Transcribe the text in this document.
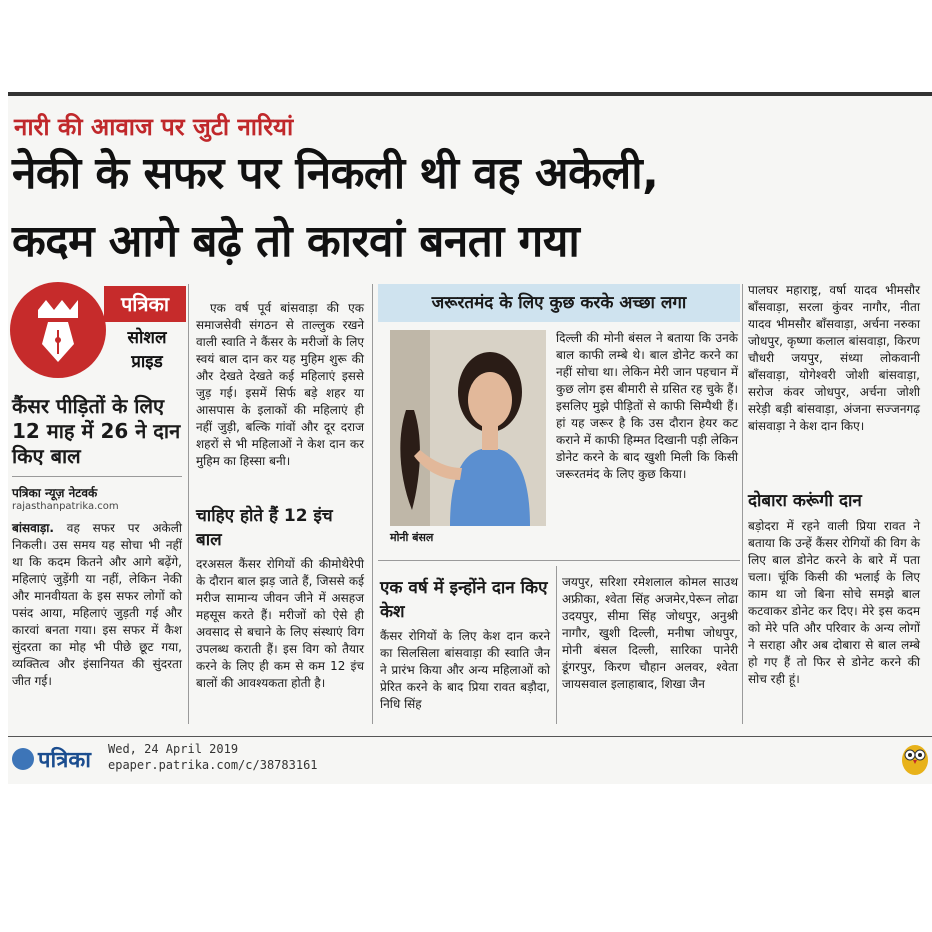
नारी की आवाज पर जुटी नारियां
नेकी के सफर पर निकली थी वह अकेली,
कदम आगे बढ़े तो कारवां बनता गया
पत्रिका
सोशल
प्राइड
कैंसर पीड़ितों के लिए 12 माह में 26 ने दान किए बाल
पत्रिका न्यूज़ नेटवर्क
rajasthanpatrika.com
बांसवाड़ा. वह सफर पर अकेली निकली। उस समय यह सोचा भी नहीं था कि कदम कितने और आगे बढ़ेंगे, महिलाएं जुड़ेंगी या नहीं, लेकिन नेकी और मानवीयता के इस सफर लोगों को पसंद आया, महिलाएं जुड़ती गई और कारवां बनता गया। इस सफर में कैश सुंदरता का मोह भी पीछे छूट गया, व्यक्तित्व और इंसानियत की सुंदरता जीत गई।
एक वर्ष पूर्व बांसवाड़ा की एक समाजसेवी संगठन से ताल्लुक रखने वाली स्वाति ने कैंसर के मरीजों के लिए स्वयं बाल दान कर यह मुहिम शुरू की और देखते देखते कई महिलाएं इससे जुड़ गई। इसमें सिर्फ बड़े शहर या आसपास के इलाकों की महिलाएं ही नहीं जुड़ी, बल्कि गांवों और दूर दराज शहरों से भी महिलाओं ने केश दान कर मुहिम का हिस्सा बनी।
चाहिए होते हैं 12 इंच बाल
दरअसल कैंसर रोगियों की कीमोथैरेपी के दौरान बाल झड़ जाते हैं, जिससे कई मरीज सामान्य जीवन जीने में असहज महसूस करते हैं। मरीजों को ऐसे ही अवसाद से बचाने के लिए संस्थाएं विग उपलब्ध कराती हैं। इस विग को तैयार करने के लिए ही कम से कम 12 इंच बालों की आवश्यकता होती है।
जरूरतमंद के लिए कुछ करके अच्छा लगा
मोनी बंसल
दिल्ली की मोनी बंसल ने बताया कि उनके बाल काफी लम्बे थे। बाल डोनेट करने का नहीं सोचा था। लेकिन मेरी जान पहचान में कुछ लोग इस बीमारी से ग्रसित रह चुके हैं। इसलिए मुझे पीड़ितों से काफी सिम्पैथी हैं। हां यह जरूर है कि उस दौरान हेयर कट कराने में काफी हिम्मत दिखानी पड़ी लेकिन डोनेट करने के बाद खुशी मिली कि किसी जरूरतमंद के लिए कुछ किया।
एक वर्ष में इन्होंने दान किए केश
कैंसर रोगियों के लिए केश दान करने का सिलसिला बांसवाड़ा की स्वाति जैन ने प्रारंभ किया और अन्य महिलाओं को प्रेरित करने के बाद प्रिया रावत बड़ौदा, निधि सिंह
जयपुर, सरिशा रमेशलाल कोमल साउथ अफ्रीका, श्वेता सिंह अजमेर,पेरून लोढा उदयपुर, सीमा सिंह जोधपुर, अनुश्री नागौर, खुशी दिल्ली, मनीषा जोधपुर, मोनी बंसल दिल्ली, सारिका पानेरी डूंगरपुर, किरण चौहान अलवर, श्वेता जायसवाल इलाहाबाद, शिखा जैन
पालघर महाराष्ट्र, वर्षा यादव भीमसौर बाँसवाड़ा, सरला कुंवर नागौर, नीता यादव भीमसौर बाँसवाड़ा, अर्चना नरुका जोधपुर, कृष्णा कलाल बांसवाड़ा, किरण चौधरी जयपुर, संध्या लोकवानी बाँसवाड़ा, योगेश्वरी जोशी बांसवाड़ा, सरोज कंवर जोधपुर, अर्चना जोशी सरेड़ी बड़ी बांसवाड़ा, अंजना सज्जनगढ़ बांसवाड़ा ने केश दान किए।
दोबारा करूंगी दान
बड़ोदरा में रहने वाली प्रिया रावत ने बताया कि उन्हें कैंसर रोगियों की विग के लिए बाल डोनेट करने के बारे में पता चला। चूंकि किसी की भलाई के लिए काम था जो बिना सोचे समझे बाल कटवाकर डोनेट कर दिए। मेरे इस कदम को मेरे पति और परिवार के अन्य लोगों ने सराहा और अब दोबारा से बाल लम्बे हो गए हैं तो फिर से डोनेट करने की सोच रही हूं।
पत्रिका Wed, 24 April 2019
epaper.patrika.com/c/38783161
